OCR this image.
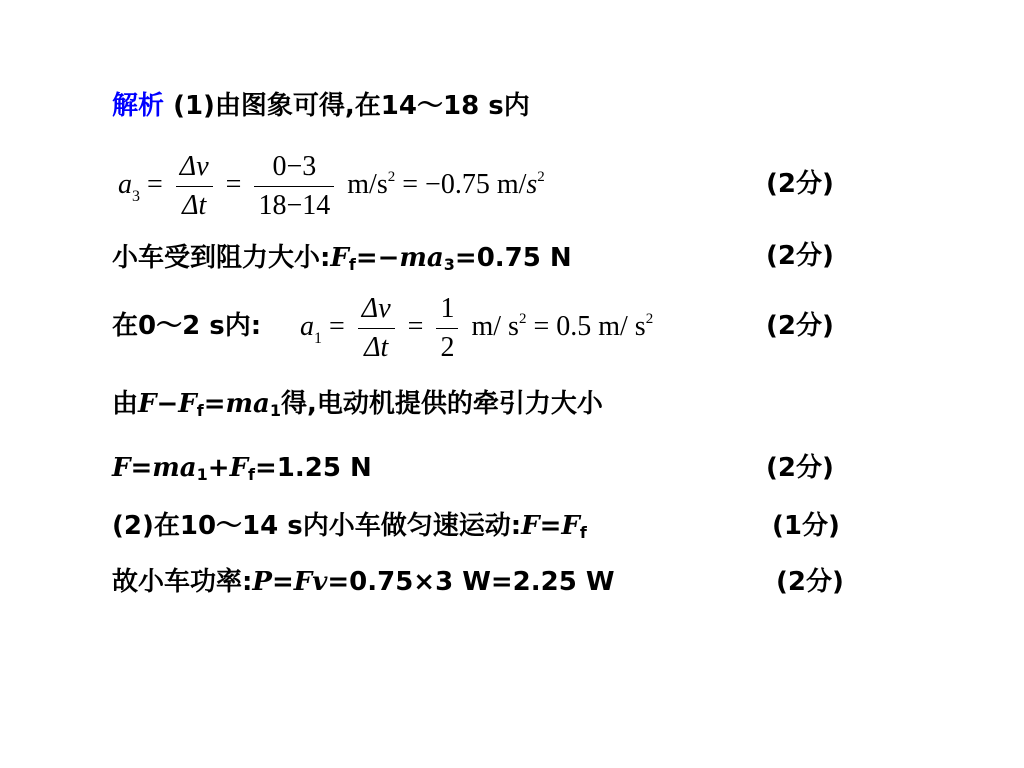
解析 (1)由图象可得,在14～18 s内
$a_3 = \frac{\Delta v}{\Delta t} = \frac{0-3}{18-14} m/s^2 = -0.75$ $m/s^2$	(2分)
小车受到阻力大小$:F_f=-ma_3=0.75$ N	(2分)
在0～2 s内: $a_1 = \frac{\Delta v}{\Delta t} = \frac{1}{2} m/$ $s^2 = 0.5$ m/ $s^2$	(2分)
由$F-F_f=ma_1$得,电动机提供的牵引力大小
$F=ma_1+F_f=1.25$ N	(2分)
(2)在10～14 s内小车做匀速运动$:F=F_f$	(1分)
故小车功率:P=Fv=0.75×3 W=2.25 W	(2分)
